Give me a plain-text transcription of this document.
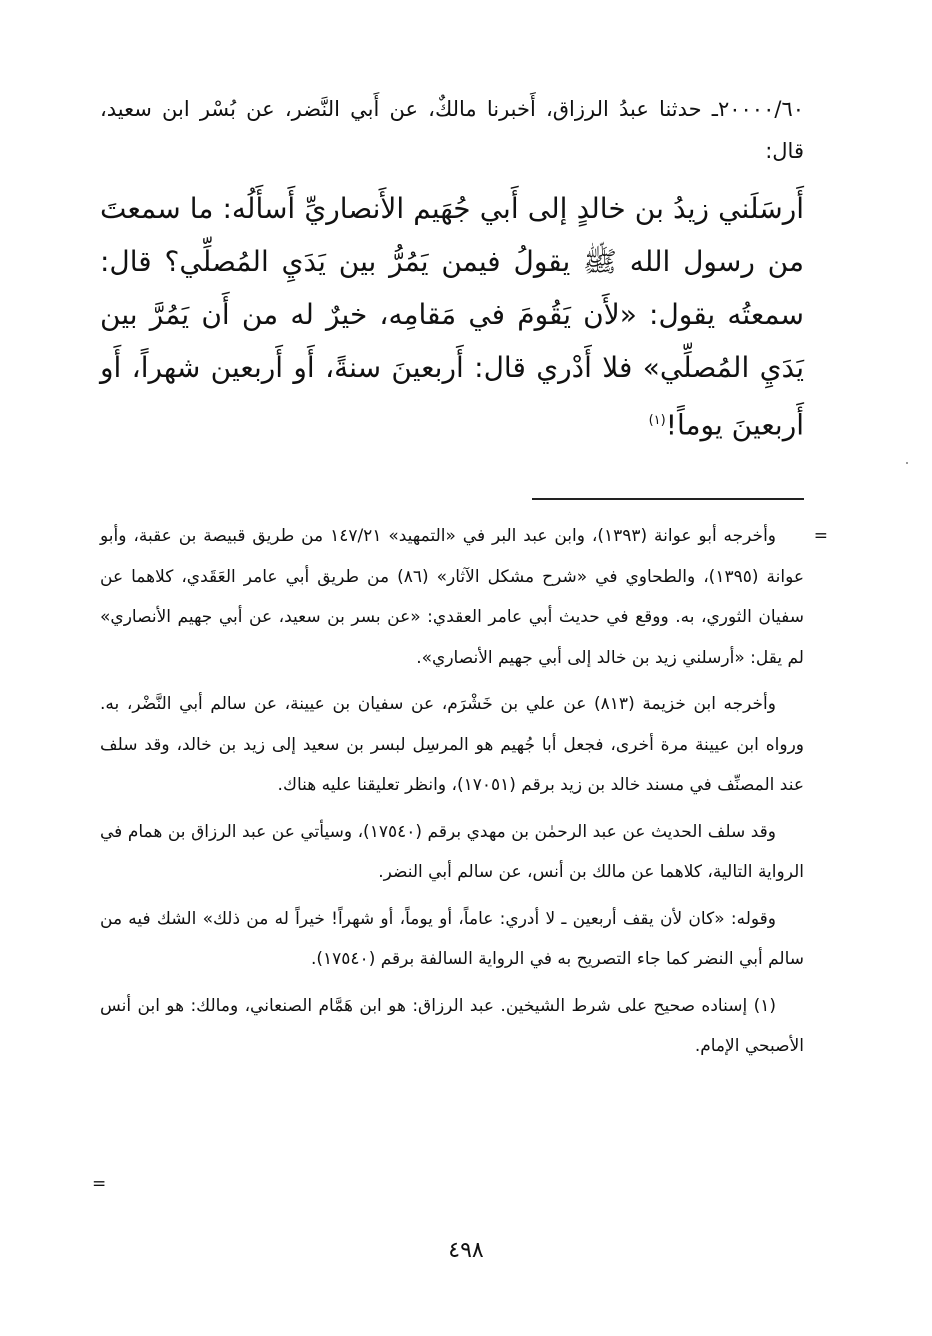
٢٠٠٠٠/٦٠ـ حدثنا عبدُ الرزاق، أَخبرنا مالكٌ، عن أَبي النَّضر، عن بُسْر ابن سعيد، قال:

أَرسَلَني زيدُ بن خالدٍ إلى أَبي جُهَيم الأَنصاريِّ أَسأَلُه: ما سمعتَ من رسول الله ﷺ يقولُ فيمن يَمُرُّ بين يَدَيِ المُصلِّي؟ قال: سمعتُه يقول: «لأَن يَقُومَ في مَقامِه، خيرٌ له من أَن يَمُرَّ بين يَدَيِ المُصلِّي» فلا أَدْري قال: أَربعينَ سنةً، أَو أَربعين شهراً، أَو أَربعينَ يوماً!$^{(١)}$

=

وأخرجه أبو عوانة (١٣٩٣)، وابن عبد البر في «التمهيد» ١٤٧/٢١ من طريق قبيصة بن عقبة، وأبو عوانة (١٣٩٥)، والطحاوي في «شرح مشكل الآثار» (٨٦) من طريق أبي عامر العَقَدي، كلاهما عن سفيان الثوري، به. ووقع في حديث أبي عامر العقدي: «عن بسر بن سعيد، عن أبي جهيم الأنصاري» لم يقل: «أرسلني زيد بن خالد إلى أبي جهيم الأنصاري».

وأخرجه ابن خزيمة (٨١٣) عن علي بن خَشْرَم، عن سفيان بن عيينة، عن سالم أبي النَّضْر، به. ورواه ابن عيينة مرة أخرى، فجعل أبا جُهيم هو المرسِل لبسر بن سعيد إلى زيد بن خالد، وقد سلف عند المصنِّف في مسند خالد بن زيد برقم (١٧٠٥١)، وانظر تعليقنا عليه هناك.

وقد سلف الحديث عن عبد الرحمٰن بن مهدي برقم (١٧٥٤٠)، وسيأتي عن عبد الرزاق بن همام في الرواية التالية، كلاهما عن مالك بن أنس، عن سالم أبي النضر.

وقوله: «كان لأن يقف أربعين ـ لا أدري: عاماً، أو يوماً، أو شهراً! خيراً له من ذلك» الشك فيه من سالم أبي النضر كما جاء التصريح به في الرواية السالفة برقم (١٧٥٤٠).

(١) إسناده صحيح على شرط الشيخين. عبد الرزاق: هو ابن هَمَّام الصنعاني، ومالك: هو ابن أنس الأصبحي الإمام.

=
٤٩٨
